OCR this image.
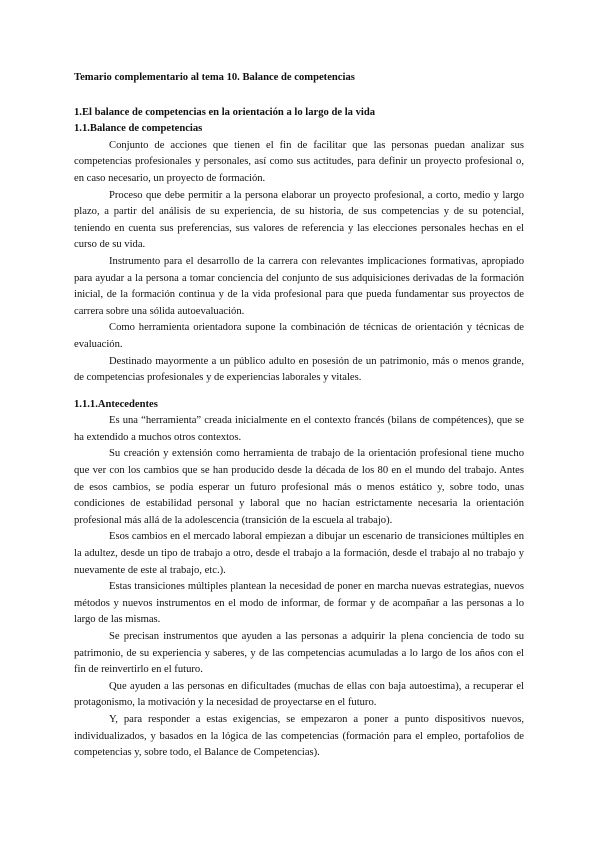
Temario complementario al tema 10. Balance de competencias
1.El balance de competencias en la orientación a lo largo de la vida
1.1.Balance de competencias

Conjunto de acciones que tienen el fin de facilitar que las personas puedan analizar sus competencias profesionales y personales, así como sus actitudes, para definir un proyecto profesional o, en caso necesario, un proyecto de formación.

Proceso que debe permitir a la persona elaborar un proyecto profesional, a corto, medio y largo plazo, a partir del análisis de su experiencia, de su historia, de sus competencias y de su potencial, teniendo en cuenta sus preferencias, sus valores de referencia y las elecciones personales hechas en el curso de su vida.

Instrumento para el desarrollo de la carrera con relevantes implicaciones formativas, apropiado para ayudar a la persona a tomar conciencia del conjunto de sus adquisiciones derivadas de la formación inicial, de la formación continua y de la vida profesional para que pueda fundamentar sus proyectos de carrera sobre una sólida autoevaluación.

Como herramienta orientadora supone la combinación de técnicas de orientación y técnicas de evaluación.

Destinado mayormente a un público adulto en posesión de un patrimonio, más o menos grande, de competencias profesionales y de experiencias laborales y vitales.

1.1.1.Antecedentes

Es una “herramienta” creada inicialmente en el contexto francés (bilans de compétences), que se ha extendido a muchos otros contextos.

Su creación y extensión como herramienta de trabajo de la orientación profesional tiene mucho que ver con los cambios que se han producido desde la década de los 80 en el mundo del trabajo. Antes de esos cambios, se podía esperar un futuro profesional más o menos estático y, sobre todo, unas condiciones de estabilidad personal y laboral que no hacían estrictamente necesaria la orientación profesional más allá de la adolescencia (transición de la escuela al trabajo).

Esos cambios en el mercado laboral empiezan a dibujar un escenario de transiciones múltiples en la adultez, desde un tipo de trabajo a otro, desde el trabajo a la formación, desde el trabajo al no trabajo y nuevamente de este al trabajo, etc.).

Estas transiciones múltiples plantean la necesidad de poner en marcha nuevas estrategias, nuevos métodos y nuevos instrumentos en el modo de informar, de formar y de acompañar a las personas a lo largo de las mismas.

Se precisan instrumentos que ayuden a las personas a adquirir la plena conciencia de todo su patrimonio, de su experiencia y saberes, y de las competencias acumuladas a lo largo de los años con el fin de reinvertirlo en el futuro.

Que ayuden a las personas en dificultades (muchas de ellas con baja autoestima), a recuperar el protagonismo, la motivación y la necesidad de proyectarse en el futuro.

Y, para responder a estas exigencias, se empezaron a poner a punto dispositivos nuevos, individualizados, y basados en la lógica de las competencias (formación para el empleo, portafolios de competencias y, sobre todo, el Balance de Competencias).
